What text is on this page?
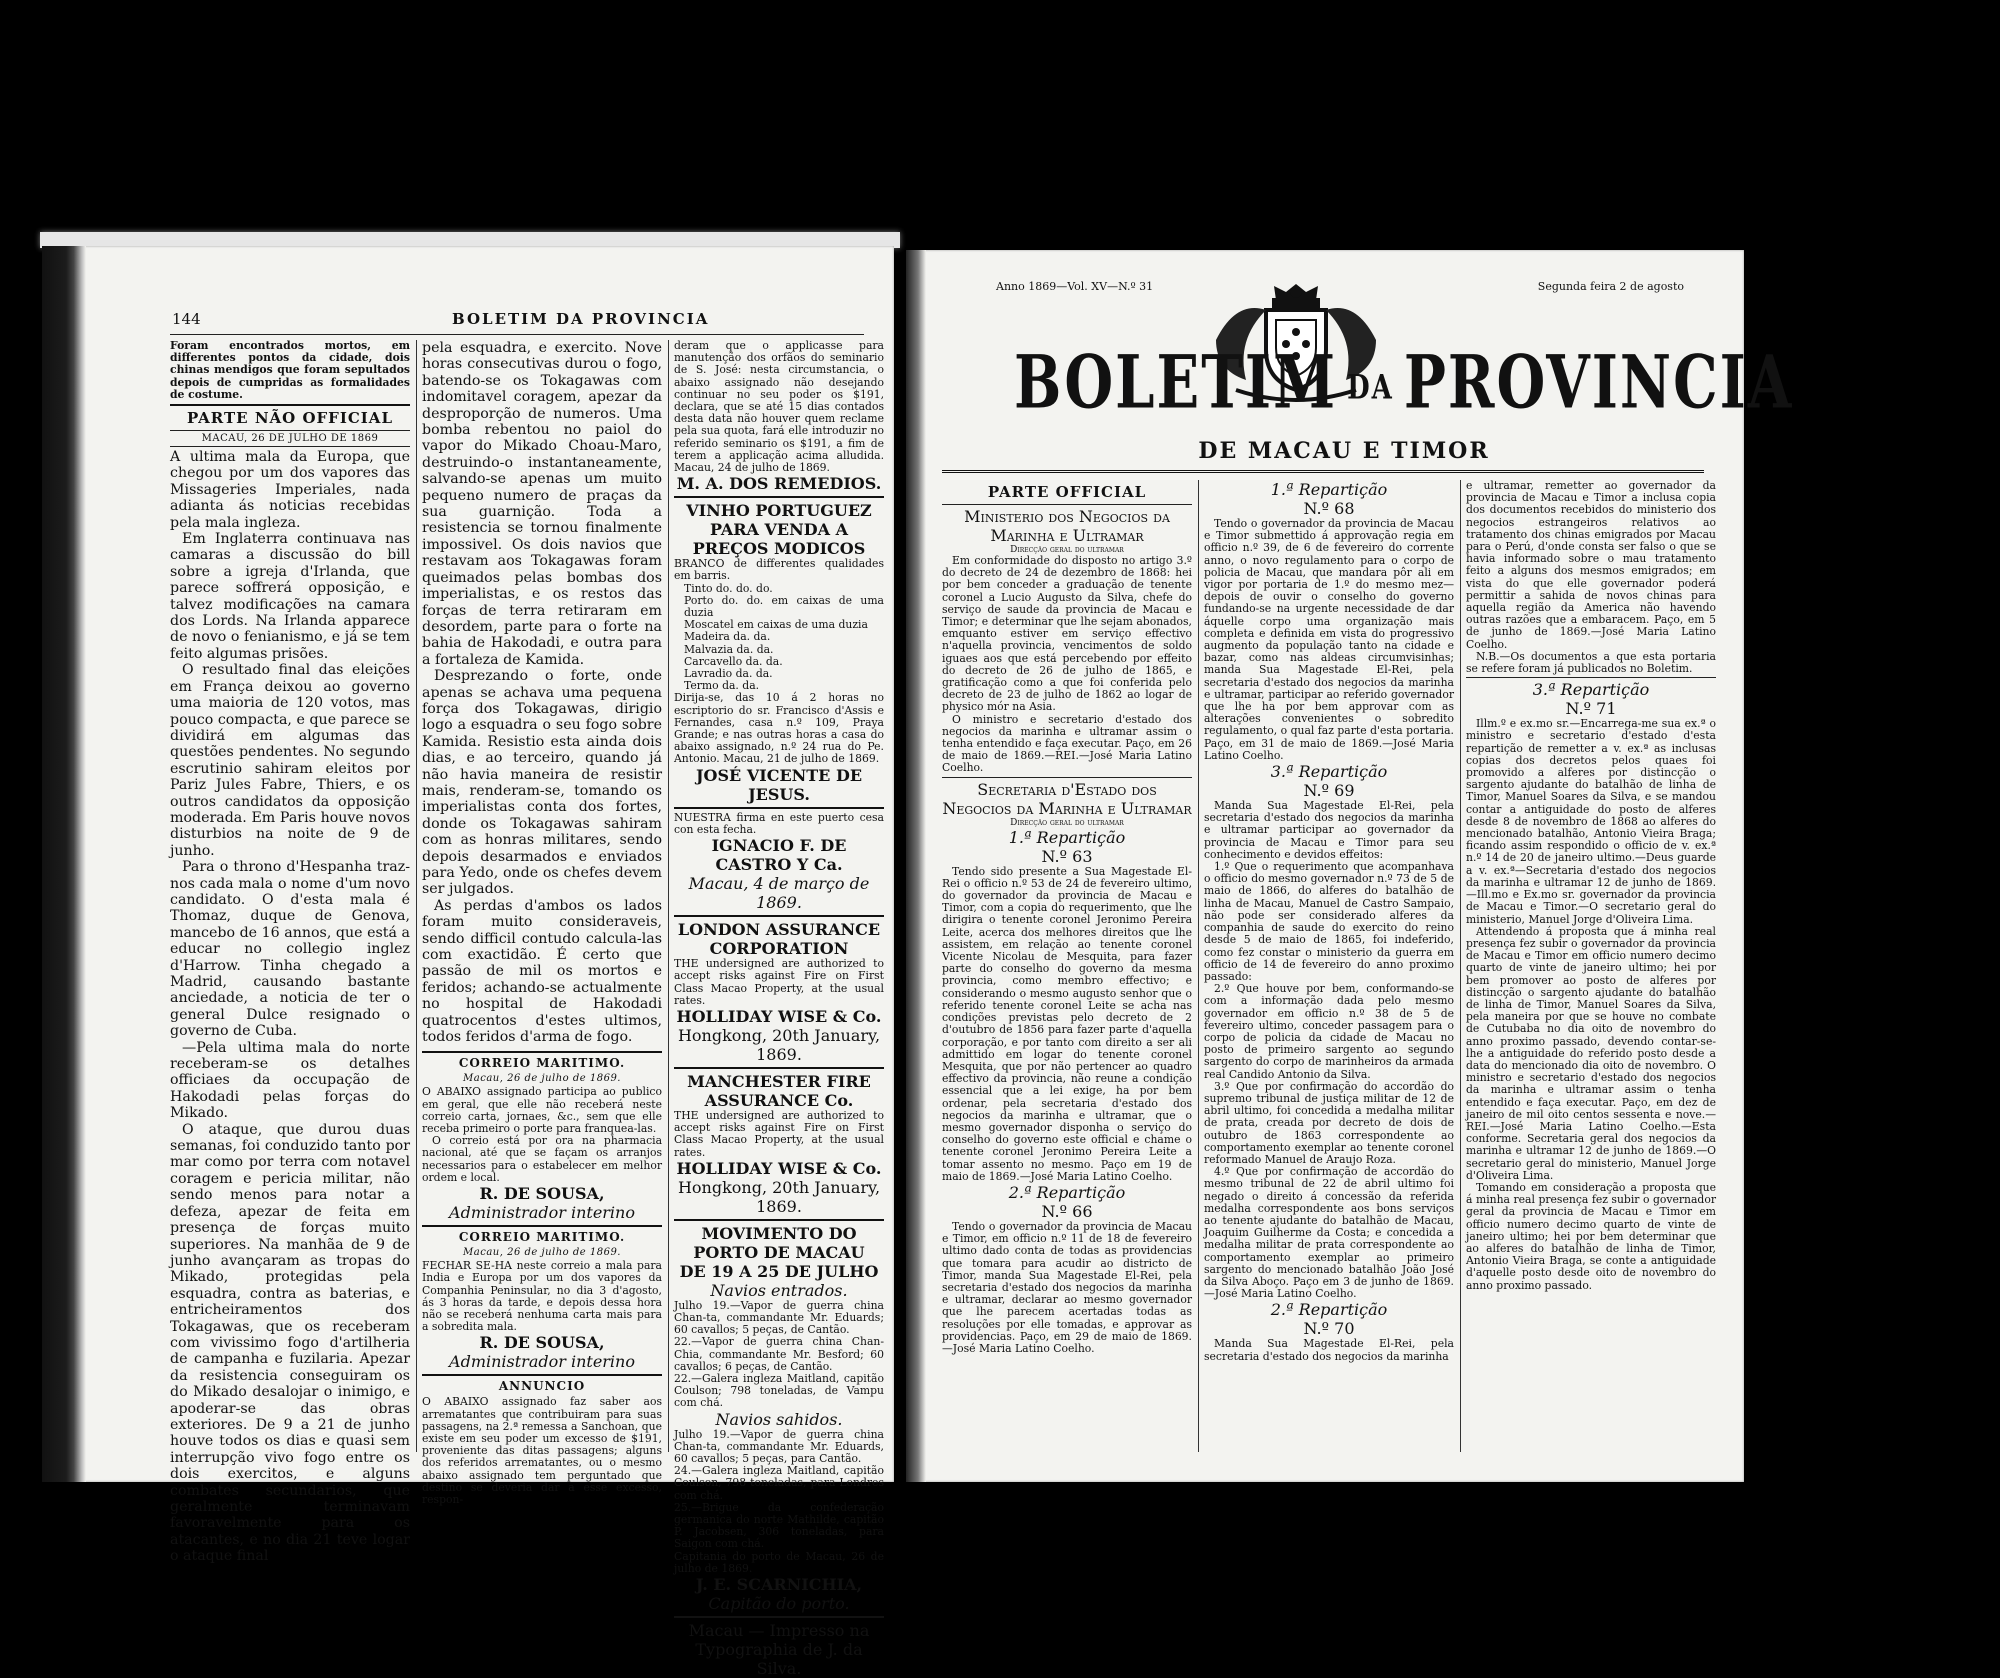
144	BOLETIM DA PROVINCIA

Foram encontrados mortos, em differentes pontos da cidade, dois chinas mendigos que foram sepultados depois de cumpridas as formalidades de costume.

PARTE NÃO OFFICIAL
MACAU, 26 DE JULHO DE 1869

A ultima mala da Europa, que chegou por um dos vapores das Missageries Imperiales, nada adianta ás noticias recebidas pela mala ingleza.

Em Inglaterra continuava nas camaras a discussão do bill sobre a igreja d'Irlanda, que parece soffrerá opposição, e talvez modificações na camara dos Lords. Na Irlanda apparece de novo o fenianismo, e já se tem feito algumas prisões.

O resultado final das eleições em França deixou ao governo uma maioria de 120 votos, mas pouco compacta, e que parece se dividirá em algumas das questões pendentes. No segundo escrutinio sahiram eleitos por Pariz Jules Fabre, Thiers, e os outros candidatos da opposição moderada. Em Paris houve novos disturbios na noite de 9 de junho.

Para o throno d'Hespanha traz-nos cada mala o nome d'um novo candidato. O d'esta mala é Thomaz, duque de Genova, mancebo de 16 annos, que está a educar no collegio inglez d'Harrow. Tinha chegado a Madrid, causando bastante anciedade, a noticia de ter o general Dulce resignado o governo de Cuba.

—Pela ultima mala do norte receberam-se os detalhes officiaes da occupação de Hakodadi pelas forças do Mikado.

O ataque, que durou duas semanas, foi conduzido tanto por mar como por terra com notavel coragem e pericia militar, não sendo menos para notar a defeza, apezar de feita em presença de forças muito superiores. Na manhãa de 9 de junho avançaram as tropas do Mikado, protegidas pela esquadra, contra as baterias, e entricheiramentos dos Tokagawas, que os receberam com vivissimo fogo d'artilheria de campanha e fuzilaria. Apezar da resistencia conseguiram os do Mikado desalojar o inimigo, e apoderar-se das obras exteriores. De 9 a 21 de junho houve todos os dias e quasi sem interrupção vivo fogo entre os dois exercitos, e alguns combates secundarios, que geralmente terminavam favoravelmente para os atacantes, e no dia 21 teve logar o ataque final

pela esquadra, e exercito. Nove horas consecutivas durou o fogo, batendo-se os Tokagawas com indomitavel coragem, apezar da desproporção de numeros. Uma bomba rebentou no paiol do vapor do Mikado Choau-Maro, destruindo-o instantaneamente, salvando-se apenas um muito pequeno numero de praças da sua guarnição. Toda a resistencia se tornou finalmente impossivel. Os dois navios que restavam aos Tokagawas foram queimados pelas bombas dos imperialistas, e os restos das forças de terra retiraram em desordem, parte para o forte na bahia de Hakodadi, e outra para a fortaleza de Kamida.

Desprezando o forte, onde apenas se achava uma pequena força dos Tokagawas, dirigio logo a esquadra o seu fogo sobre Kamida. Resistio esta ainda dois dias, e ao terceiro, quando já não havia maneira de resistir mais, renderam-se, tomando os imperialistas conta dos fortes, donde os Tokagawas sahiram com as honras militares, sendo depois desarmados e enviados para Yedo, onde os chefes devem ser julgados.

As perdas d'ambos os lados foram muito consideraveis, sendo difficil contudo calcula-las com exactidão. É certo que passão de mil os mortos e feridos; achando-se actualmente no hospital de Hakodadi quatrocentos d'estes ultimos, todos feridos d'arma de fogo.

CORREIO MARITIMO.
Macau, 26 de julho de 1869.

O ABAIXO assignado participa ao publico em geral, que elle não receberá neste correio carta, jornaes, &c., sem que elle receba primeiro o porte para franquea-las.

O correio está por ora na pharmacia nacional, até que se façam os arranjos necessarios para o estabelecer em melhor ordem e local.

R. DE SOUSA,
Administrador interino
CORREIO MARITIMO.
Macau, 26 de julho de 1869.

FECHAR SE-HA neste correio a mala para India e Europa por um dos vapores da Companhia Peninsular, no dia 3 d'agosto, ás 3 horas da tarde, e depois dessa hora não se receberá nenhuma carta mais para a sobredita mala.

R. DE SOUSA,
Administrador interino
ANNUNCIO

O ABAIXO assignado faz saber aos arrematantes que contribuiram para suas passagens, na 2.ª remessa a Sanchoan, que existe em seu poder um excesso de $191, proveniente das ditas passagens; alguns dos referidos arrematantes, ou o mesmo abaixo assignado tem perguntado que destino se deveria dar a esse excesso, respon-

deram que o applicasse para manutenção dos orfãos do seminario de S. José: nesta circumstancia, o abaixo assignado não desejando continuar no seu poder os $191, declara, que se até 15 dias contados desta data não houver quem reclame pela sua quota, fará elle introduzir no referido seminario os $191, a fim de terem a applicação acima alludida. Macau, 24 de julho de 1869.

M. A. DOS REMEDIOS.
VINHO PORTUGUEZ PARA VENDA A PREÇOS MODICOS

BRANCO de differentes qualidades em barris.

Tinto do. do. do.
Porto do. do. em caixas de uma duzia
Moscatel em caixas de uma duzia
Madeira da. da.
Malvazia da. da.
Carcavello da. da.
Lavradio da. da.
Termo da. da.

Dirija-se, das 10 á 2 horas no escriptorio do sr. Francisco d'Assis e Fernandes, casa n.º 109, Praya Grande; e nas outras horas a casa do abaixo assignado, n.º 24 rua do Pe. Antonio. Macau, 21 de julho de 1869.

JOSÉ VICENTE DE JESUS.

NUESTRA firma en este puerto cesa con esta fecha.

IGNACIO F. DE CASTRO Y Ca.
Macau, 4 de março de 1869.
LONDON ASSURANCE CORPORATION

THE undersigned are authorized to accept risks against Fire on First Class Macao Property, at the usual rates.

HOLLIDAY WISE & Co.
Hongkong, 20th January, 1869.
MANCHESTER FIRE ASSURANCE Co.

THE undersigned are authorized to accept risks against Fire on First Class Macao Property, at the usual rates.

HOLLIDAY WISE & Co.
Hongkong, 20th January, 1869.
MOVIMENTO DO PORTO DE MACAU
DE 19 A 25 DE JULHO
Navios entrados.

Julho 19.—Vapor de guerra china Chan-ta, commandante Mr. Eduards; 60 cavallos; 5 peças, de Cantão.

22.—Vapor de guerra china Chan-Chia, commandante Mr. Besford; 60 cavallos; 6 peças, de Cantão.

22.—Galera ingleza Maitland, capitão Coulson; 798 toneladas, de Vampu com chá.

Navios sahidos.

Julho 19.—Vapor de guerra china Chan-ta, commandante Mr. Eduards, 60 cavallos; 5 peças, para Cantão.

24.—Galera ingleza Maitland, capitão Coulson, 798 toneladas, para Londres com chá.

25.—Brigue da confederação germanica do norte Mathilde, capitão P. Jacobsen, 306 toneladas, para Saigon com chá.

Capitania do porto de Macau, 26 de julho de 1869.

J. E. SCARNICHIA,
Capitão do porto.
Macau — Impresso na Typographia de J. da Silva.
Anno 1869—Vol. XV—N.º 31	Segunda feira 2 de agosto
BOLETIM DA PROVINCIA
DE MACAU E TIMOR
PARTE OFFICIAL
Ministerio dos Negocios da Marinha e Ultramar
Direcção geral do ultramar

Em conformidade do disposto no artigo 3.º do decreto de 24 de dezembro de 1868: hei por bem conceder a graduação de tenente coronel a Lucio Augusto da Silva, chefe do serviço de saude da provincia de Macau e Timor; e determinar que lhe sejam abonados, emquanto estiver em serviço effectivo n'aquella provincia, vencimentos de soldo iguaes aos que está percebendo por effeito do decreto de 26 de julho de 1865, e gratificação como a que foi conferida pelo decreto de 23 de julho de 1862 ao logar de physico mór na Asia.

O ministro e secretario d'estado dos negocios da marinha e ultramar assim o tenha entendido e faça executar. Paço, em 26 de maio de 1869.—REI.—José Maria Latino Coelho.

Secretaria d'Estado dos Negocios da Marinha e Ultramar
Direcção geral do ultramar
1.ª Repartição
N.º 63

Tendo sido presente a Sua Magestade El-Rei o officio n.º 53 de 24 de fevereiro ultimo, do governador da provincia de Macau e Timor, com a copia do requerimento, que lhe dirigira o tenente coronel Jeronimo Pereira Leite, acerca dos melhores direitos que lhe assistem, em relação ao tenente coronel Vicente Nicolau de Mesquita, para fazer parte do conselho do governo da mesma provincia, como membro effectivo; e considerando o mesmo augusto senhor que o referido tenente coronel Leite se acha nas condições previstas pelo decreto de 2 d'outubro de 1856 para fazer parte d'aquella corporação, e por tanto com direito a ser ali admittido em logar do tenente coronel Mesquita, que por não pertencer ao quadro effectivo da provincia, não reune a condição essencial que a lei exige, ha por bem ordenar, pela secretaria d'estado dos negocios da marinha e ultramar, que o mesmo governador disponha o serviço do conselho do governo este official e chame o tenente coronel Jeronimo Pereira Leite a tomar assento no mesmo. Paço em 19 de maio de 1869.—José Maria Latino Coelho.

2.ª Repartição
N.º 66

Tendo o governador da provincia de Macau e Timor, em officio n.º 11 de 18 de fevereiro ultimo dado conta de todas as providencias que tomara para acudir ao districto de Timor, manda Sua Magestade El-Rei, pela secretaria d'estado dos negocios da marinha e ultramar, declarar ao mesmo governador que lhe parecem acertadas todas as resoluções por elle tomadas, e approvar as providencias. Paço, em 29 de maio de 1869.—José Maria Latino Coelho.

1.ª Repartição
N.º 68

Tendo o governador da provincia de Macau e Timor submettido á approvação regia em officio n.º 39, de 6 de fevereiro do corrente anno, o novo regulamento para o corpo de policia de Macau, que mandara pôr ali em vigor por portaria de 1.º do mesmo mez—depois de ouvir o conselho do governo fundando-se na urgente necessidade de dar áquelle corpo uma organização mais completa e definida em vista do progressivo augmento da população tanto na cidade e bazar, como nas aldeas circumvisinhas; manda Sua Magestade El-Rei, pela secretaria d'estado dos negocios da marinha e ultramar, participar ao referido governador que lhe ha por bem approvar com as alterações convenientes o sobredito regulamento, o qual faz parte d'esta portaria. Paço, em 31 de maio de 1869.—José Maria Latino Coelho.

3.ª Repartição
N.º 69

Manda Sua Magestade El-Rei, pela secretaria d'estado dos negocios da marinha e ultramar participar ao governador da provincia de Macau e Timor para seu conhecimento e devidos effeitos:

1.º Que o requerimento que acompanhava o officio do mesmo governador n.º 73 de 5 de maio de 1866, do alferes do batalhão de linha de Macau, Manuel de Castro Sampaio, não pode ser considerado alferes da companhia de saude do exercito do reino desde 5 de maio de 1865, foi indeferido, como fez constar o ministerio da guerra em officio de 14 de fevereiro do anno proximo passado:

2.º Que houve por bem, conformando-se com a informação dada pelo mesmo governador em officio n.º 38 de 5 de fevereiro ultimo, conceder passagem para o corpo de policia da cidade de Macau no posto de primeiro sargento ao segundo sargento do corpo de marinheiros da armada real Candido Antonio da Silva.

3.º Que por confirmação do accordão do supremo tribunal de justiça militar de 12 de abril ultimo, foi concedida a medalha militar de prata, creada por decreto de dois de outubro de 1863 correspondente ao comportamento exemplar ao tenente coronel reformado Manuel de Araujo Roza.

4.º Que por confirmação de accordão do mesmo tribunal de 22 de abril ultimo foi negado o direito á concessão da referida medalha correspondente aos bons serviços ao tenente ajudante do batalhão de Macau, Joaquim Guilherme da Costa; e concedida a medalha militar de prata correspondente ao comportamento exemplar ao primeiro sargento do mencionado batalhão João José da Silva Aboço. Paço em 3 de junho de 1869.—José Maria Latino Coelho.

2.ª Repartição
N.º 70

Manda Sua Magestade El-Rei, pela secretaria d'estado dos negocios da marinha

e ultramar, remetter ao governador da provincia de Macau e Timor a inclusa copia dos documentos recebidos do ministerio dos negocios estrangeiros relativos ao tratamento dos chinas emigrados por Macau para o Perú, d'onde consta ser falso o que se havia informado sobre o mau tratamento feito a alguns dos mesmos emigrados; em vista do que elle governador poderá permittir a sahida de novos chinas para aquella região da America não havendo outras razões que a embaracem. Paço, em 5 de junho de 1869.—José Maria Latino Coelho.

N.B.—Os documentos a que esta portaria se refere foram já publicados no Boletim.

3.ª Repartição
N.º 71

Illm.º e ex.mo sr.—Encarrega-me sua ex.ª o ministro e secretario d'estado d'esta repartição de remetter a v. ex.ª as inclusas copias dos decretos pelos quaes foi promovido a alferes por distincção o sargento ajudante do batalhão de linha de Timor, Manuel Soares da Silva, e se mandou contar a antiguidade do posto de alferes desde 8 de novembro de 1868 ao alferes do mencionado batalhão, Antonio Vieira Braga; ficando assim respondido o officio de v. ex.ª n.º 14 de 20 de janeiro ultimo.—Deus guarde a v. ex.ª—Secretaria d'estado dos negocios da marinha e ultramar 12 de junho de 1869.—Ill.mo e Ex.mo sr. governador da provincia de Macau e Timor.—O secretario geral do ministerio, Manuel Jorge d'Oliveira Lima.

Attendendo á proposta que á minha real presença fez subir o governador da provincia de Macau e Timor em officio numero decimo quarto de vinte de janeiro ultimo; hei por bem promover ao posto de alferes por distincção o sargento ajudante do batalhão de linha de Timor, Manuel Soares da Silva, pela maneira por que se houve no combate de Cutubaba no dia oito de novembro do anno proximo passado, devendo contar-se-lhe a antiguidade do referido posto desde a data do mencionado dia oito de novembro. O ministro e secretario d'estado dos negocios da marinha e ultramar assim o tenha entendido e faça executar. Paço, em dez de janeiro de mil oito centos sessenta e nove.—REI.—José Maria Latino Coelho.—Esta conforme. Secretaria geral dos negocios da marinha e ultramar 12 de junho de 1869.—O secretario geral do ministerio, Manuel Jorge d'Oliveira Lima.

Tomando em consideração a proposta que á minha real presença fez subir o governador geral da provincia de Macau e Timor em officio numero decimo quarto de vinte de janeiro ultimo; hei por bem determinar que ao alferes do batalhão de linha de Timor, Antonio Vieira Braga, se conte a antiguidade d'aquelle posto desde oito de novembro do anno proximo passado.
